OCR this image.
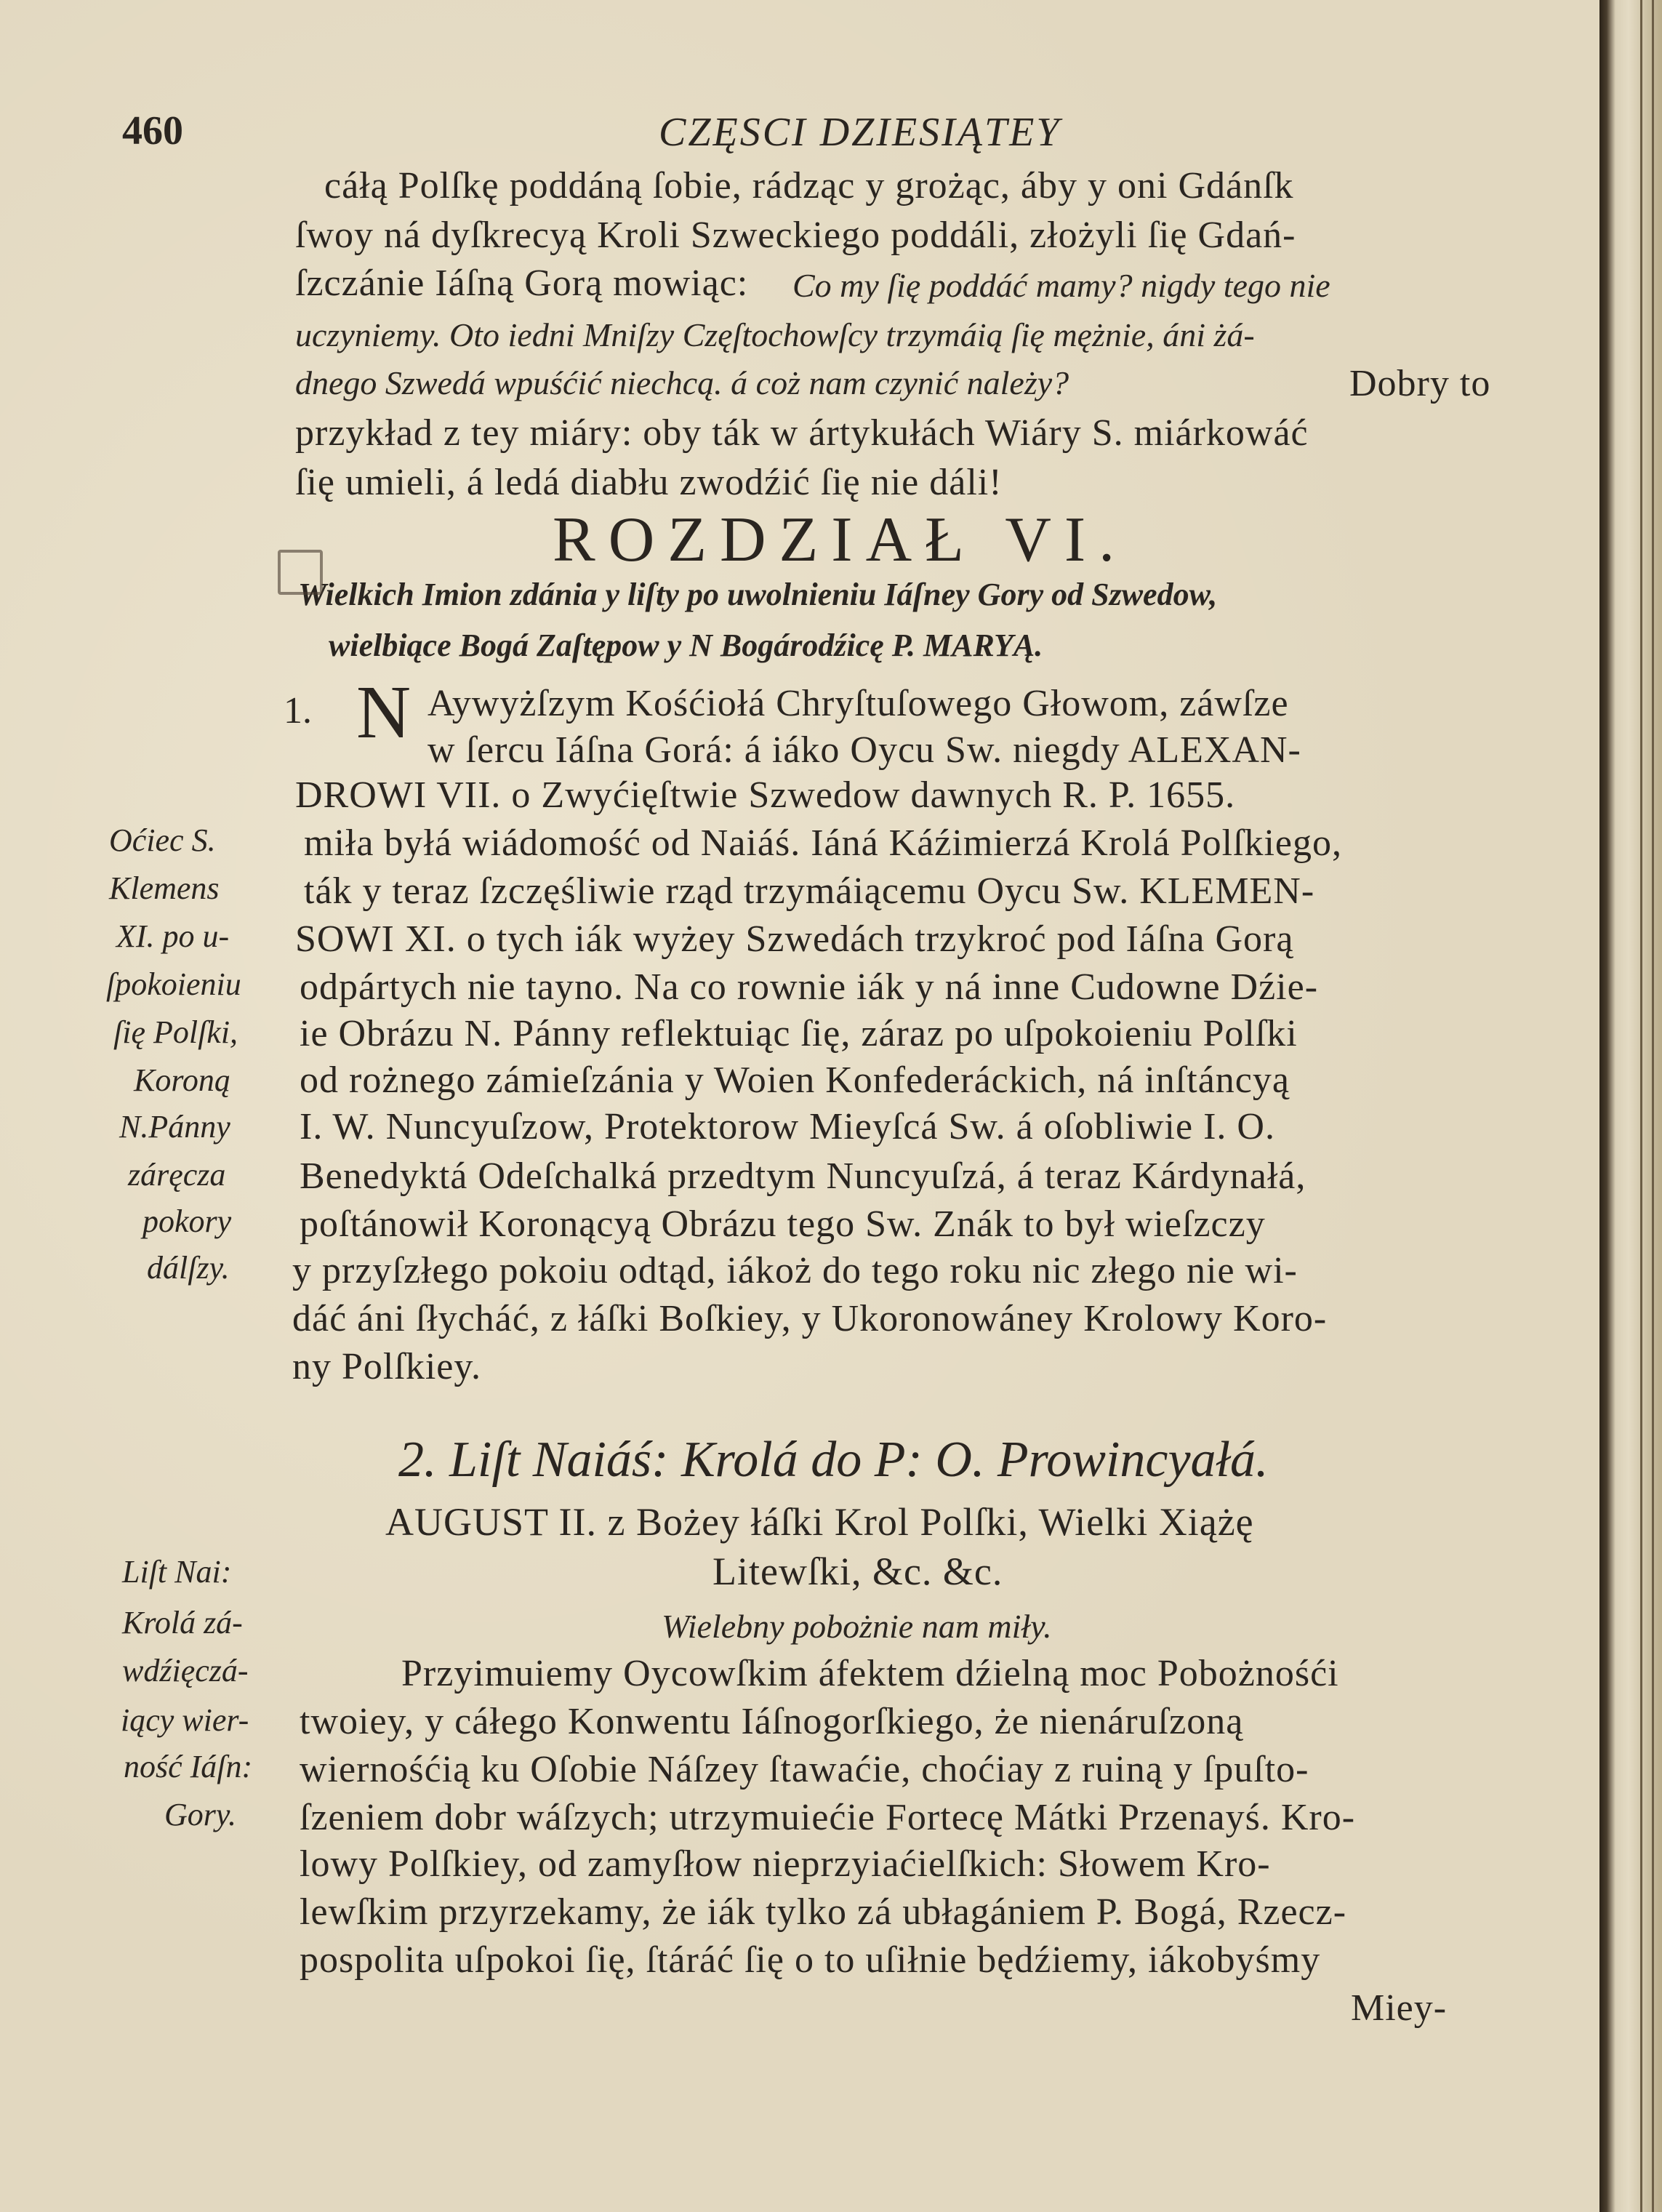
460	CZĘSCI DZIESIĄTEY
cáłą Polſkę poddáną ſobie, rádząc y grożąc, áby y oni Gdánſk
ſwoy ná dyſkrecyą Kroli Szweckiego poddáli, złożyli ſię Gdań-
ſzczánie Iáſną Gorą mowiąc: Co my ſię poddáć mamy? nigdy tego nie
uczyniemy. Oto iedni Mniſzy Częſtochowſcy trzymáią ſię mężnie, áni żá-
dnego Szwedá wpuśćić niechcą. á coż nam czynić należy?	Dobry to
przykład z tey miáry: oby ták w ártykułách Wiáry S. miárkowáć
ſię umieli, á ledá diabłu zwodźić ſię nie dáli!
ROZDZIAŁ VI.
Wielkich Imion zdánia y liſty po uwolnieniu Iáſney Gory od Szwedow,
wielbiące Bogá Zaſtępow y N Bogárodźicę P. MARYĄ.
1. N Aywyżſzym Kośćiołá Chryſtuſowego Głowom, záwſze
w ſercu Iáſna Gorá: á iáko Oycu Sw. niegdy ALEXAN-
DROWI VII. o Zwyćięſtwie Szwedow dawnych R. P. 1655.
miła byłá wiádomość od Naiáś. Iáná Káźimierzá Krolá Polſkiego,
ták y teraz ſzczęśliwie rząd trzymáiącemu Oycu Sw. KLEMEN-
SOWI XI. o tych iák wyżey Szwedách trzykroć pod Iáſna Gorą
odpártych nie tayno. Na co rownie iák y ná inne Cudowne Dźie-
ie Obrázu N. Pánny reflektuiąc ſię, záraz po uſpokoieniu Polſki
od rożnego zámieſzánia y Woien Konfederáckich, ná inſtáncyą
I. W. Nuncyuſzow, Protektorow Mieyſcá Sw. á oſobliwie I. O.
Benedyktá Odeſchalká przedtym Nuncyuſzá, á teraz Kárdynałá,
poſtánowił Koronącyą Obrázu tego Sw. Znák to był wieſzczy
y przyſzłego pokoiu odtąd, iákoż do tego roku nic złego nie wi-
dáć áni ſłycháć, z łáſki Boſkiey, y Ukoronowáney Krolowy Koro-
ny Polſkiey.
Oćiec S.
Klemens
XI. po u-
ſpokoieniu
ſię Polſki,
Koroną
N.Pánny
záręcza
pokory
dálſzy.
2. Liſt Naiáś: Krolá do P: O. Prowincyałá.
AUGUST II. z Bożey łáſki Krol Polſki, Wielki Xiążę
Litewſki, &c. &c.
Wielebny pobożnie nam miły.
Przyimuiemy Oycowſkim áfektem dźielną moc Pobożnośći
twoiey, y cáłego Konwentu Iáſnogorſkiego, że nienáruſzoną
wiernośćią ku Oſobie Náſzey ſtawaćie, choćiay z ruiną y ſpuſto-
ſzeniem dobr wáſzych; utrzymuiećie Fortecę Mátki Przenayś. Kro-
lowy Polſkiey, od zamyſłow nieprzyiaćielſkich: Słowem Kro-
lewſkim przyrzekamy, że iák tylko zá ubłagániem P. Bogá, Rzecz-
pospolita uſpokoi ſię, ſtáráć ſię o to uſiłnie będźiemy, iákobyśmy
Miey-
Liſt Nai:
Krolá zá-
wdźięczá-
iący wier-
ność Iáſn:
Gory.
